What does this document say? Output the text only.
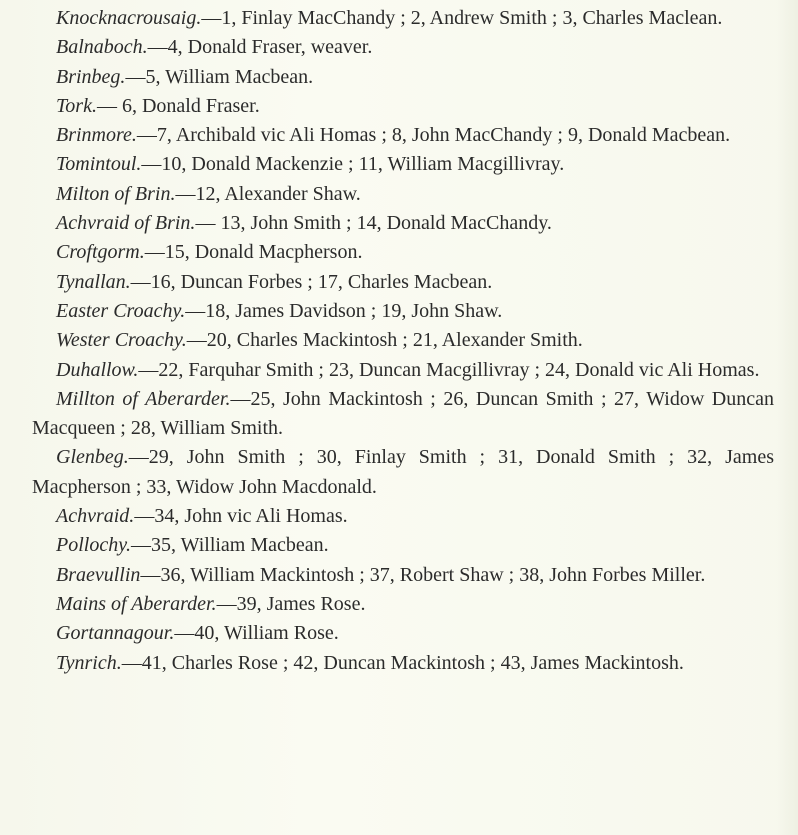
Knocknacrousaig.—1, Finlay MacChandy ; 2, Andrew Smith ; 3, Charles Maclean.

Balnaboch.—4, Donald Fraser, weaver.

Brinbeg.—5, William Macbean.

Tork.— 6, Donald Fraser.

Brinmore.—7, Archibald vic Ali Homas ; 8, John MacChandy ; 9, Donald Macbean.

Tomintoul.—10, Donald Mackenzie ; 11, William Macgillivray.

Milton of Brin.—12, Alexander Shaw.

Achvraid of Brin.— 13, John Smith ; 14, Donald MacChandy.

Croftgorm.—15, Donald Macpherson.

Tynallan.—16, Duncan Forbes ; 17, Charles Macbean.

Easter Croachy.—18, James Davidson ; 19, John Shaw.

Wester Croachy.—20, Charles Mackintosh ; 21, Alexander Smith.

Duhallow.—22, Farquhar Smith ; 23, Duncan Macgillivray ; 24, Donald vic Ali Homas.

Millton of Aberarder.—25, John Mackintosh ; 26, Duncan Smith ; 27, Widow Duncan Macqueen ; 28, William Smith.

Glenbeg.—29, John Smith ; 30, Finlay Smith ; 31, Donald Smith ; 32, James Macpherson ; 33, Widow John Macdonald.

Achvraid.—34, John vic Ali Homas.

Pollochy.—35, William Macbean.

Braevullin—36, William Mackintosh ; 37, Robert Shaw ; 38, John Forbes Miller.

Mains of Aberarder.—39, James Rose.

Gortannagour.—40, William Rose.

Tynrich.—41, Charles Rose ; 42, Duncan Mackintosh ; 43, James Mackintosh.
